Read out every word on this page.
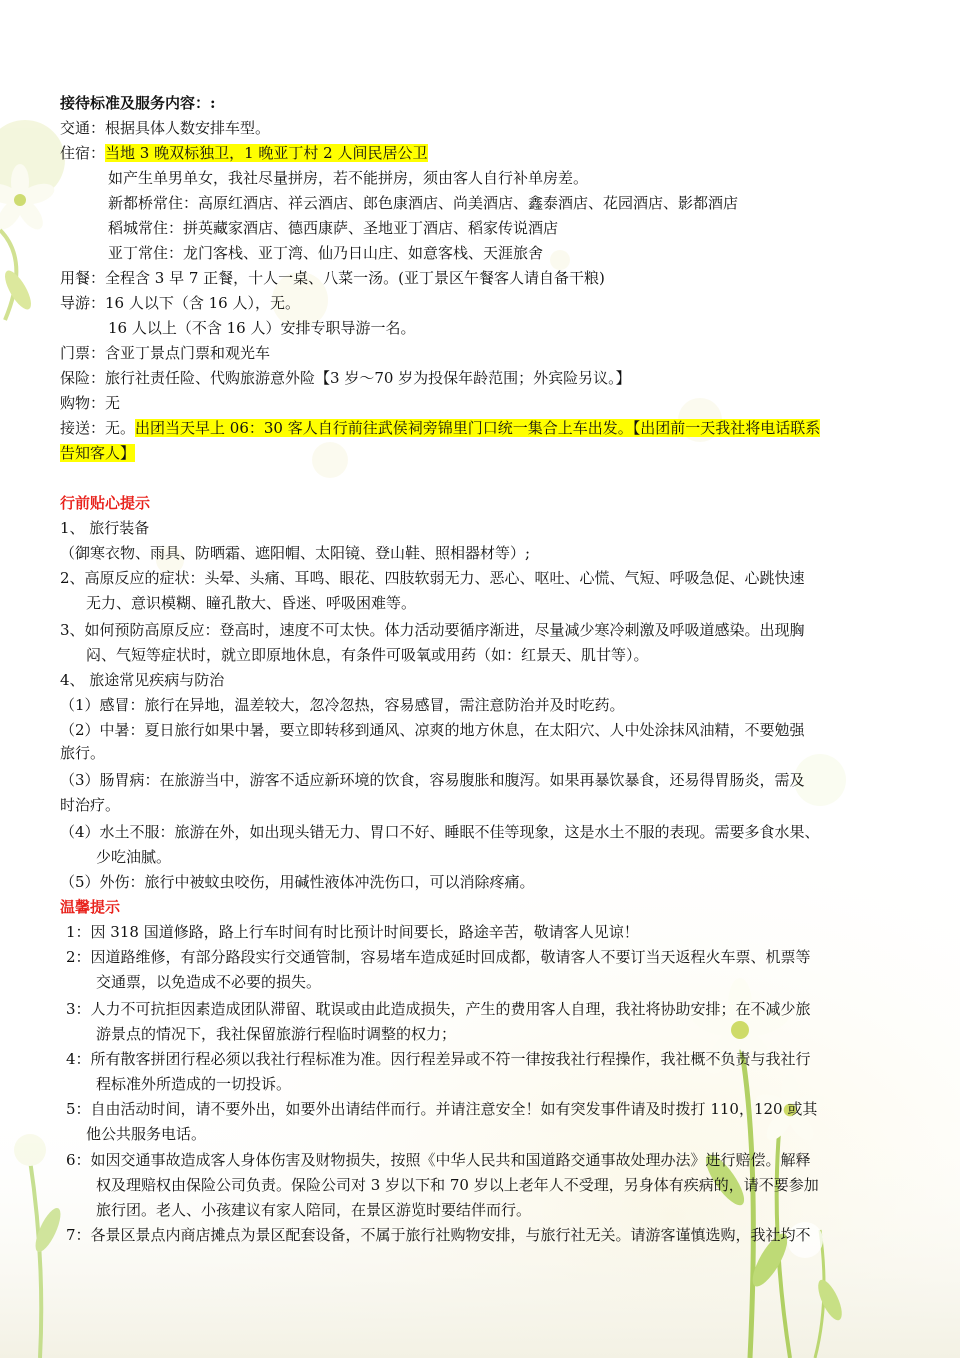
接待标准及服务内容：:
交通：根据具体人数安排车型。
住宿：当地 3 晚双标独卫，1 晚亚丁村 2 人间民居公卫
如产生单男单女，我社尽量拼房，若不能拼房，须由客人自行补单房差。
新都桥常住：高原红酒店、祥云酒店、郎色康酒店、尚美酒店、鑫泰酒店、花园酒店、影都酒店
稻城常住：拼英藏家酒店、德西康萨、圣地亚丁酒店、稻家传说酒店
亚丁常住：龙门客栈、亚丁湾、仙乃日山庄、如意客栈、天涯旅舍
用餐：全程含 3 早 7 正餐，十人一桌、八菜一汤。(亚丁景区午餐客人请自备干粮)
导游：16 人以下（含 16 人），无。
16 人以上（不含 16 人）安排专职导游一名。
门票：含亚丁景点门票和观光车
保险：旅行社责任险、代购旅游意外险【3 岁～70 岁为投保年龄范围；外宾险另议。】
购物：无
接送：无。出团当天早上 06：30 客人自行前往武侯祠旁锦里门口统一集合上车出发。【出团前一天我社将电话联系
告知客人】
行前贴心提示
1、 旅行装备
（御寒衣物、雨具、防晒霜、遮阳帽、太阳镜、登山鞋、照相器材等）;
2、高原反应的症状：头晕、头痛、耳鸣、眼花、四肢软弱无力、恶心、呕吐、心慌、气短、呼吸急促、心跳快速
无力、意识模糊、瞳孔散大、昏迷、呼吸困难等。
3、如何预防高原反应：登高时，速度不可太快。体力活动要循序渐进，尽量减少寒冷刺激及呼吸道感染。出现胸
闷、气短等症状时，就立即原地休息，有条件可吸氧或用药（如：红景天、肌甘等）。
4、 旅途常见疾病与防治
（1）感冒：旅行在异地，温差较大，忽冷忽热，容易感冒，需注意防治并及时吃药。
（2）中暑：夏日旅行如果中暑，要立即转移到通风、凉爽的地方休息，在太阳穴、人中处涂抹风油精，不要勉强
旅行。
（3）肠胃病：在旅游当中，游客不适应新环境的饮食，容易腹胀和腹泻。如果再暴饮暴食，还易得胃肠炎，需及
时治疗。
（4）水土不服：旅游在外，如出现头错无力、胃口不好、睡眠不佳等现象，这是水土不服的表现。需要多食水果、
少吃油腻。
（5）外伤：旅行中被蚊虫咬伤，用碱性液体冲洗伤口，可以消除疼痛。
温馨提示
1：因 318 国道修路，路上行车时间有时比预计时间要长，路途辛苦，敬请客人见谅！
2：因道路维修，有部分路段实行交通管制，容易堵车造成延时回成都，敬请客人不要订当天返程火车票、机票等
交通票，以免造成不必要的损失。
3：人力不可抗拒因素造成团队滞留、耽误或由此造成损失，产生的费用客人自理，我社将协助安排；在不减少旅
游景点的情况下，我社保留旅游行程临时调整的权力；
4：所有散客拼团行程必须以我社行程标准为准。因行程差异或不符一律按我社行程操作，我社概不负责与我社行
程标准外所造成的一切投诉。
5：自由活动时间，请不要外出，如要外出请结伴而行。并请注意安全！如有突发事件请及时拨打 110，120 或其
他公共服务电话。
6：如因交通事故造成客人身体伤害及财物损失，按照《中华人民共和国道路交通事故处理办法》进行赔偿。解释
权及理赔权由保险公司负责。保险公司对 3 岁以下和 70 岁以上老年人不受理，另身体有疾病的，请不要参加
旅行团。老人、小孩建议有家人陪同，在景区游览时要结伴而行。
7：各景区景点内商店摊点为景区配套设备，不属于旅行社购物安排，与旅行社无关。请游客谨慎选购，我社均不
